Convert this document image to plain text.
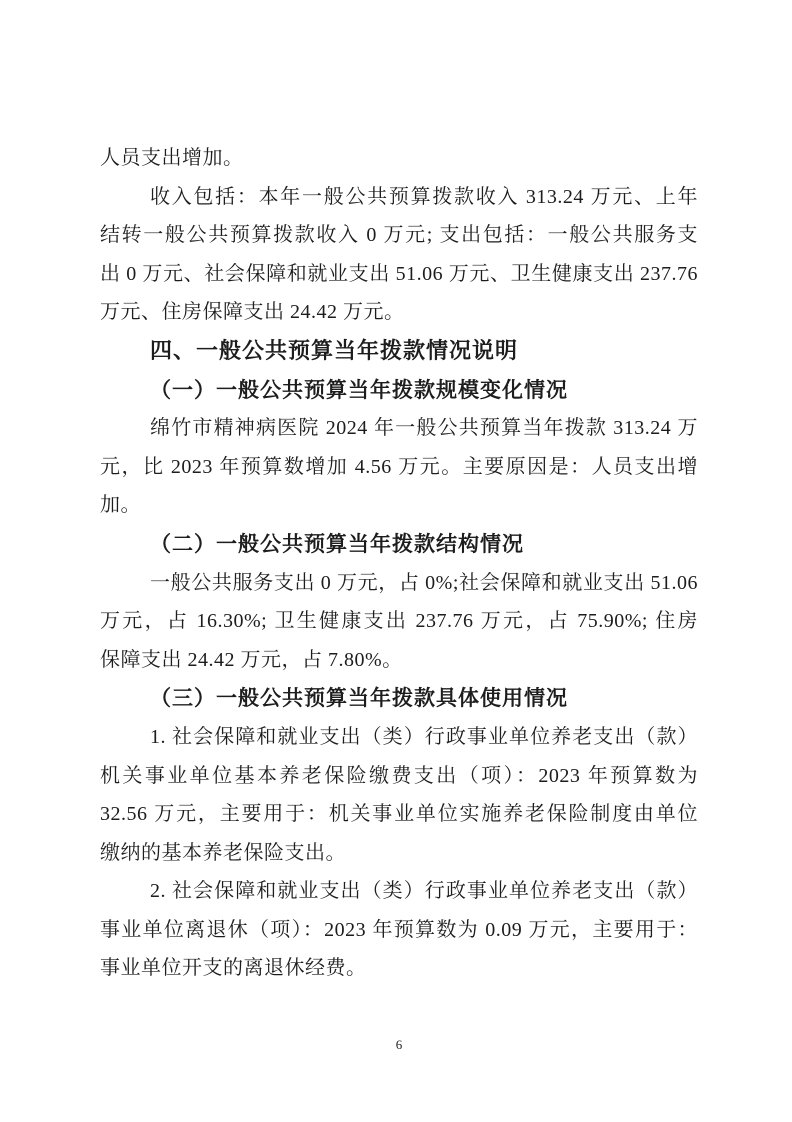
人员支出增加。
收入包括：本年一般公共预算拨款收入 313.24 万元、上年
结转一般公共预算拨款收入 0 万元; 支出包括：一般公共服务支
出 0 万元、社会保障和就业支出 51.06 万元、卫生健康支出 237.76
万元、住房保障支出 24.42 万元。
四、一般公共预算当年拨款情况说明
（一）一般公共预算当年拨款规模变化情况
绵竹市精神病医院 2024 年一般公共预算当年拨款 313.24 万
元，比 2023 年预算数增加 4.56 万元。主要原因是：人员支出增
加。
（二）一般公共预算当年拨款结构情况
一般公共服务支出 0 万元，占 0%;社会保障和就业支出 51.06
万元，占 16.30%; 卫生健康支出 237.76 万元，占 75.90%; 住房
保障支出 24.42 万元，占 7.80%。
（三）一般公共预算当年拨款具体使用情况
1. 社会保障和就业支出（类）行政事业单位养老支出（款）
机关事业单位基本养老保险缴费支出（项）：2023 年预算数为
32.56 万元，主要用于：机关事业单位实施养老保险制度由单位
缴纳的基本养老保险支出。
2. 社会保障和就业支出（类）行政事业单位养老支出（款）
事业单位离退休（项）：2023 年预算数为 0.09 万元，主要用于：
事业单位开支的离退休经费。
6
